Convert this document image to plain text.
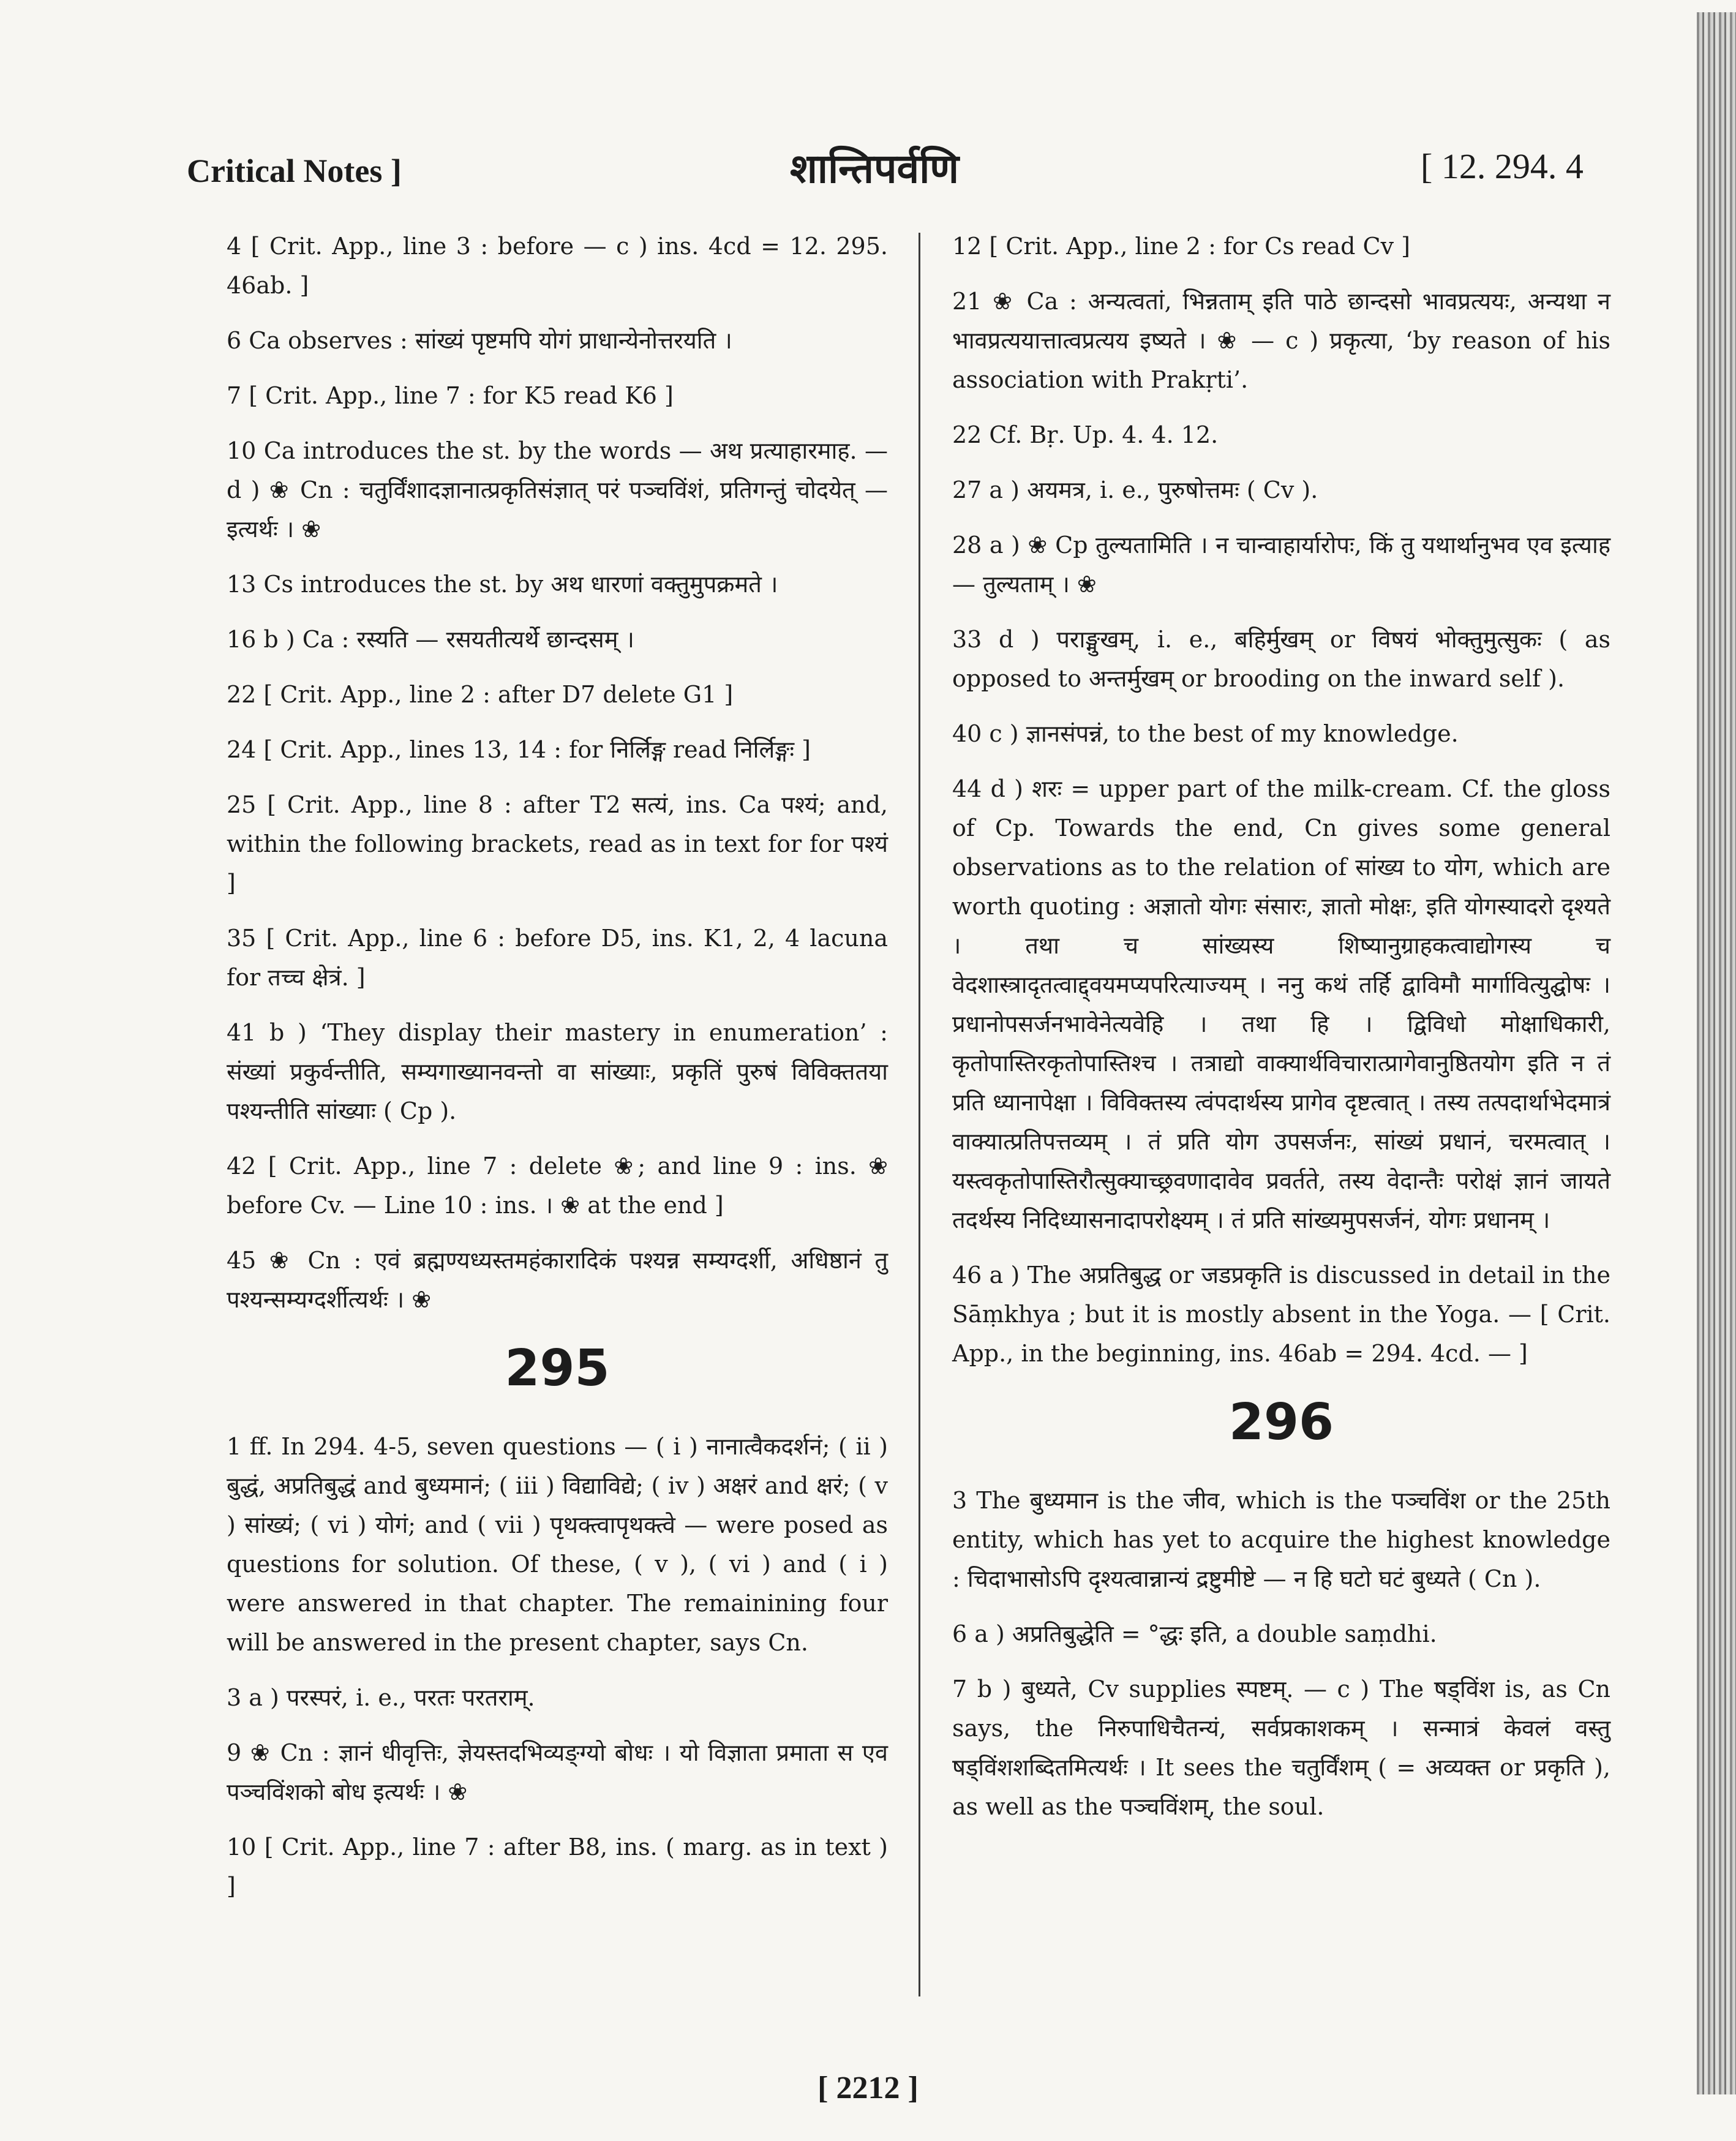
Critical Notes ]	शान्तिपर्वणि	[ 12. 294. 4

4 [ Crit. App., line 3 : before — c ) ins. 4cd = 12. 295. 46ab. ]

6 Ca observes : सांख्यं पृष्टमपि योगं प्राधान्येनोत्तरयति ।

7 [ Crit. App., line 7 : for K5 read K6 ]

10 Ca introduces the st. by the words — अथ प्रत्याहारमाह. — d ) ❀ Cn : चतुर्विंशादज्ञानात्प्रकृतिसंज्ञात् परं पञ्चविंशं, प्रतिगन्तुं चोदयेत् — इत्यर्थः । ❀

13 Cs introduces the st. by अथ धारणां वक्तुमुपक्रमते ।

16 b ) Ca : रस्यति — रसयतीत्यर्थे छान्दसम् ।

22 [ Crit. App., line 2 : after D7 delete G1 ]

24 [ Crit. App., lines 13, 14 : for निर्लिङ्ग read निर्लिङ्गः ]

25 [ Crit. App., line 8 : after T2 सत्यं, ins. Ca पश्यं; and, within the following brackets, read as in text for for पश्यं ]

35 [ Crit. App., line 6 : before D5, ins. K1, 2, 4 lacuna for तच्च क्षेत्रं. ]

41 b ) ‘They display their mastery in enumeration’ : संख्यां प्रकुर्वन्तीति, सम्यगाख्यानवन्तो वा सांख्याः, प्रकृतिं पुरुषं विविक्ततया पश्यन्तीति सांख्याः ( Cp ).

42 [ Crit. App., line 7 : delete ❀; and line 9 : ins. ❀ before Cv. — Line 10 : ins. । ❀ at the end ]

45 ❀ Cn : एवं ब्रह्मण्यध्यस्तमहंकारादिकं पश्यन्न सम्यग्दर्शी, अधिष्ठानं तु पश्यन्सम्यग्दर्शीत्यर्थः । ❀

295

1 ff. In 294. 4-5, seven questions — ( i ) नानात्वैकदर्शनं; ( ii ) बुद्धं, अप्रतिबुद्धं and बुध्यमानं; ( iii ) विद्याविद्ये; ( iv ) अक्षरं and क्षरं; ( v ) सांख्यं; ( vi ) योगं; and ( vii ) पृथक्त्वापृथक्त्वे — were posed as questions for solution. Of these, ( v ), ( vi ) and ( i ) were answered in that chapter. The remainining four will be answered in the present chapter, says Cn.

3 a ) परस्परं, i. e., परतः परतराम्.

9 ❀ Cn : ज्ञानं धीवृत्तिः, ज्ञेयस्तदभिव्यङ्ग्यो बोधः । यो विज्ञाता प्रमाता स एव पञ्चविंशको बोध इत्यर्थः । ❀

10 [ Crit. App., line 7 : after B8, ins. ( marg. as in text ) ]

12 [ Crit. App., line 2 : for Cs read Cv ]

21 ❀ Ca : अन्यत्वतां, भिन्नताम् इति पाठे छान्दसो भावप्रत्ययः, अन्यथा न भावप्रत्ययात्तात्वप्रत्यय इष्यते । ❀ — c ) प्रकृत्या, ‘by reason of his association with Prakṛti’.

22 Cf. Bṛ. Up. 4. 4. 12.

27 a ) अयमत्र, i. e., पुरुषोत्तमः ( Cv ).

28 a ) ❀ Cp तुल्यतामिति । न चान्वाहार्यारोपः, किं तु यथार्थानुभव एव इत्याह — तुल्यताम् । ❀

33 d ) पराङ्मुखम्, i. e., बहिर्मुखम् or विषयं भोक्तुमुत्सुकः ( as opposed to अन्तर्मुखम् or brooding on the inward self ).

40 c ) ज्ञानसंपन्नं, to the best of my knowledge.

44 d ) शरः = upper part of the milk-cream. Cf. the gloss of Cp. Towards the end, Cn gives some general observations as to the relation of सांख्य to योग, which are worth quoting : अज्ञातो योगः संसारः, ज्ञातो मोक्षः, इति योगस्यादरो दृश्यते । तथा च सांख्यस्य शिष्यानुग्राहकत्वाद्योगस्य च वेदशास्त्रादृतत्वाद्द्वयमप्यपरित्याज्यम् । ननु कथं तर्हि द्वाविमौ मार्गावित्युद्घोषः । प्रधानोपसर्जनभावेनेत्यवेहि । तथा हि । द्विविधो मोक्षाधिकारी, कृतोपास्तिरकृतोपास्तिश्च । तत्राद्यो वाक्यार्थविचारात्प्रागेवानुष्ठितयोग इति न तं प्रति ध्यानापेक्षा । विविक्तस्य त्वंपदार्थस्य प्रागेव दृष्टत्वात् । तस्य तत्पदार्थाभेदमात्रं वाक्यात्प्रतिपत्तव्यम् । तं प्रति योग उपसर्जनः, सांख्यं प्रधानं, चरमत्वात् । यस्त्वकृतोपास्तिरौत्सुक्याच्छ्रवणादावेव प्रवर्तते, तस्य वेदान्तैः परोक्षं ज्ञानं जायते तदर्थस्य निदिध्यासनादापरोक्ष्यम् । तं प्रति सांख्यमुपसर्जनं, योगः प्रधानम् ।

46 a ) The अप्रतिबुद्ध or जडप्रकृति is discussed in detail in the Sāṃkhya ; but it is mostly absent in the Yoga. — [ Crit. App., in the beginning, ins. 46ab = 294. 4cd. — ]

296

3 The बुध्यमान is the जीव, which is the पञ्चविंश or the 25th entity, which has yet to acquire the highest knowledge : चिदाभासोऽपि दृश्यत्वान्नान्यं द्रष्टुमीष्टे — न हि घटो घटं बुध्यते ( Cn ).

6 a ) अप्रतिबुद्धेति = °द्धः इति, a double saṃdhi.

7 b ) बुध्यते, Cv supplies स्पष्टम्. — c ) The षड्विंश is, as Cn says, the निरुपाधिचैतन्यं, सर्वप्रकाशकम् । सन्मात्रं केवलं वस्तु षड्विंशशब्दितमित्यर्थः । It sees the चतुर्विंशम् ( = अव्यक्त or प्रकृति ), as well as the पञ्चविंशम्, the soul.

[ 2212 ]
